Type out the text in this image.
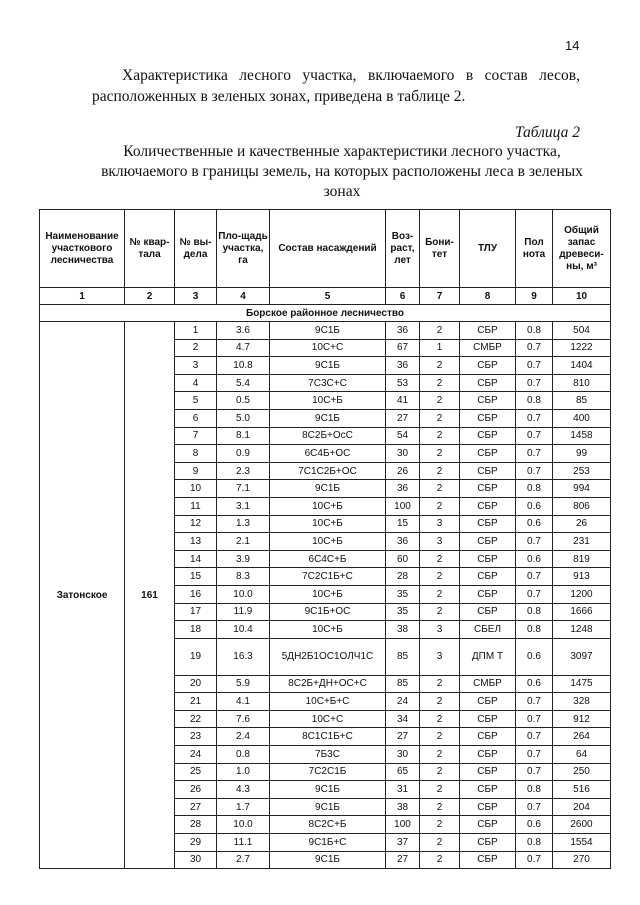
14

Характеристика лесного участка, включаемого в состав лесов, расположенных в зеленых зонах, приведена в таблице 2.

Таблица 2
Количественные и качественные характеристики лесного участка, включаемого в границы земель, на которых расположены леса в зеленых зонах
Наименование участкового лесничества	№ квар-тала	№ вы-дела	Пло-щадь участка, га	Состав насаждений	Воз-раст, лет	Бони-тет	ТЛУ	Пол нота	Общий запас древеси-ны, м³
1	2	3	4	5	6	7	8	9	10
Борское районное лесничество									
Затонское	161	1	3.6	9С1Б	36	2	СБР	0.8	504
		2	4.7	10С+С	67	1	СМБР	0.7	1222
		3	10.8	9С1Б	36	2	СБР	0.7	1404
		4	5.4	7С3С+С	53	2	СБР	0.7	810
		5	0.5	10С+Б	41	2	СБР	0.8	85
		6	5.0	9С1Б	27	2	СБР	0.7	400
		7	8.1	8С2Б+ОсС	54	2	СБР	0.7	1458
		8	0.9	6С4Б+ОС	30	2	СБР	0.7	99
		9	2.3	7С1С2Б+ОС	26	2	СБР	0.7	253
		10	7.1	9С1Б	36	2	СБР	0.8	994
		11	3.1	10С+Б	100	2	СБР	0.6	806
		12	1.3	10С+Б	15	3	СБР	0.6	26
		13	2.1	10С+Б	36	3	СБР	0.7	231
		14	3.9	6С4С+Б	60	2	СБР	0.6	819
		15	8.3	7С2С1Б+С	28	2	СБР	0.7	913
		16	10.0	10С+Б	35	2	СБР	0.7	1200
		17	11.9	9С1Б+ОС	35	2	СБР	0.8	1666
		18	10.4	10С+Б	38	3	СБЕЛ	0.8	1248
		19	16.3	5ДН2Б1ОС1ОЛЧ1С	85	3	ДПМ Т	0.6	3097
		20	5.9	8С2Б+ДН+ОС+С	85	2	СМБР	0.6	1475
		21	4.1	10С+Б+С	24	2	СБР	0.7	328
		22	7.6	10С+С	34	2	СБР	0.7	912
		23	2.4	8С1С1Б+С	27	2	СБР	0.7	264
		24	0.8	7Б3С	30	2	СБР	0.7	64
		25	1.0	7С2С1Б	65	2	СБР	0.7	250
		26	4.3	9С1Б	31	2	СБР	0.8	516
		27	1.7	9С1Б	38	2	СБР	0.7	204
		28	10.0	8С2С+Б	100	2	СБР	0.6	2600
		29	11.1	9С1Б+С	37	2	СБР	0.8	1554
		30	2.7	9С1Б	27	2	СБР	0.7	270
